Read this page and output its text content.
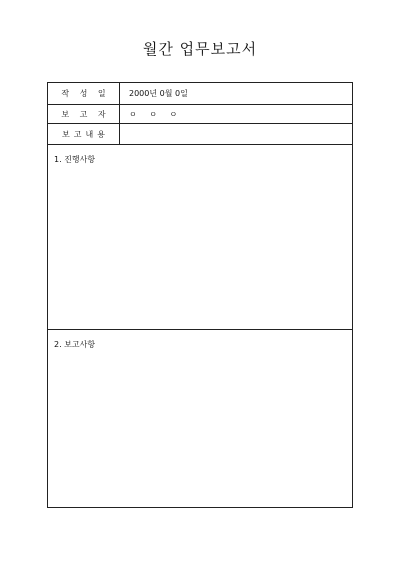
월간 업무보고서
작 성 일	2000년 0월 0일
보 고 자	ㅇ ㅇ ㅇ
보고내용
1. 진행사항
2. 보고사항
